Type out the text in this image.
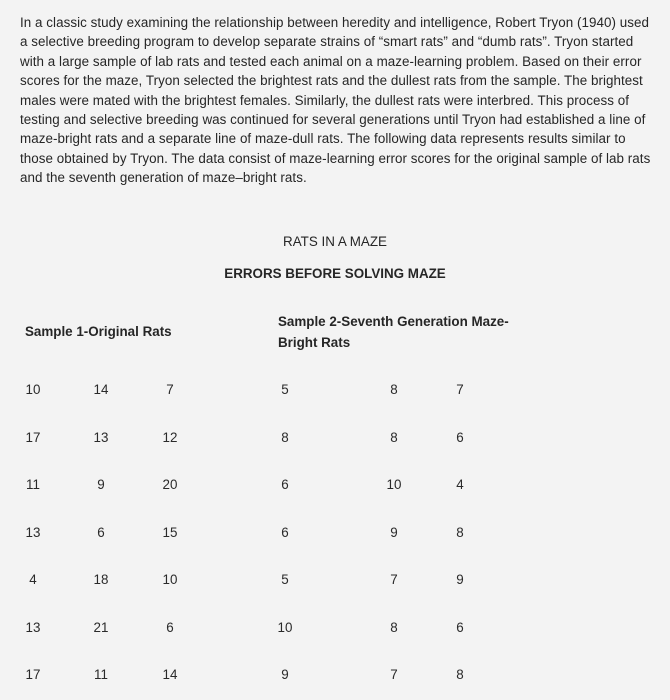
In a classic study examining the relationship between heredity and intelligence, Robert Tryon (1940) used a selective breeding program to develop separate strains of “smart rats” and “dumb rats”. Tryon started with a large sample of lab rats and tested each animal on a maze-learning problem. Based on their error scores for the maze, Tryon selected the brightest rats and the dullest rats from the sample. The brightest males were mated with the brightest females. Similarly, the dullest rats were interbred. This process of testing and selective breeding was continued for several generations until Tryon had established a line of maze-bright rats and a separate line of maze-dull rats. The following data represents results similar to those obtained by Tryon. The data consist of maze-learning error scores for the original sample of lab rats and the seventh generation of maze–bright rats.

RATS IN A MAZE
ERRORS BEFORE SOLVING MAZE
Sample 1-Original Rats
Sample 2-Seventh Generation Maze-
Bright Rats
10	14	7	5	8	7
17	13	12	8	8	6
11	9	20	6	10	4
13	6	15	6	9	8
4	18	10	5	7	9
13	21	6	10	8	6
17	11	14	9	7	8
